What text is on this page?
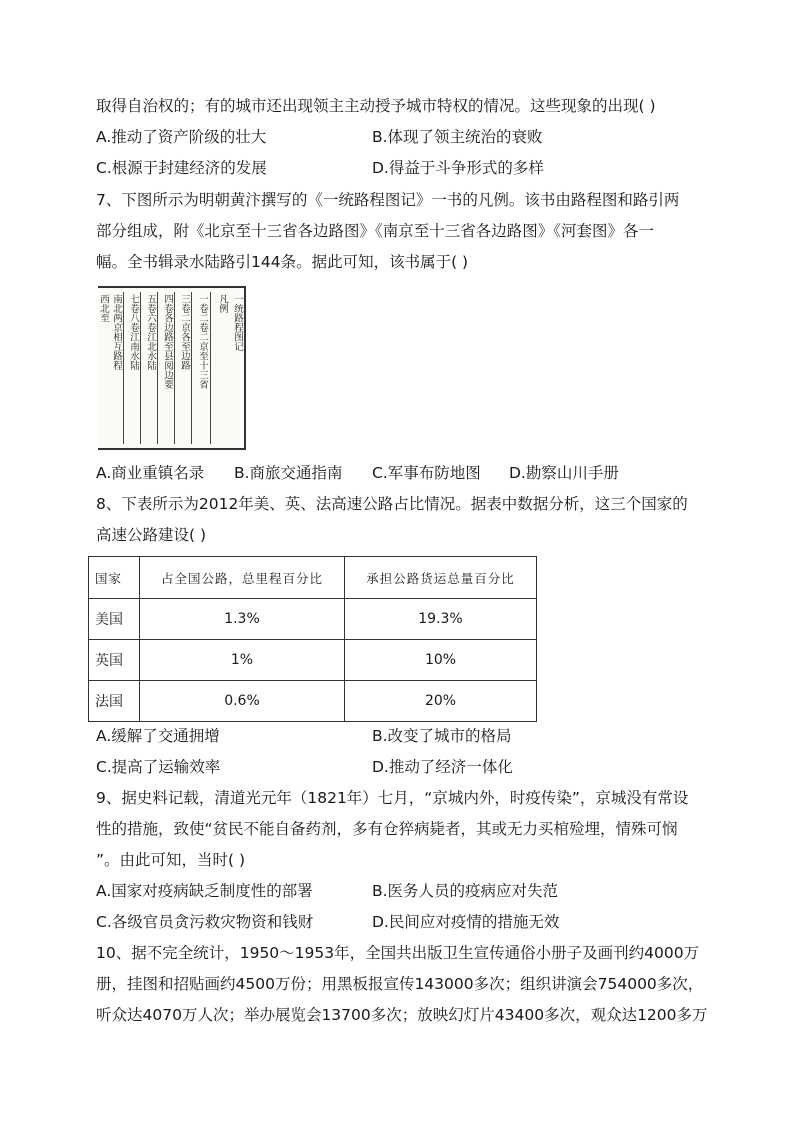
取得自治权的；有的城市还出现领主主动授予城市特权的情况。这些现象的出现( )
A.推动了资产阶级的壮大	B.体现了领主统治的衰败
C.根源于封建经济的发展	D.得益于斗争形式的多样
7、下图所示为明朝黄汴撰写的《一统路程图记》一书的凡例。该书由路程图和路引两
部分组成，附《北京至十三省各边路图》《南京至十三省各边路图》《河套图》各一
幅。全书辑录水陆路引144条。据此可知，该书属于( )
一统路程图记
凡例
一卷二卷二京至十三省
三卷二京各至边路
四卷各边路至县阅边要
五卷六卷江北水陆
七卷八卷江南水陆
南北两京相互路程
西北至
A.商业重镇名录 B.商旅交通指南 C.军事布防地图 D.勘察山川手册
8、下表所示为2012年美、英、法高速公路占比情况。据表中数据分析，这三个国家的
高速公路建设( )
国家	占全国公路，总里程百分比	承担公路货运总量百分比
美国	1.3%	19.3%
英国	1%	10%
法国	0.6%	20%
A.缓解了交通拥增	B.改变了城市的格局
C.提高了运输效率	D.推动了经济一体化
9、据史料记载，清道光元年（1821年）七月，“京城内外，时疫传染”，京城没有常设
性的措施，致使“贫民不能自备药剂，多有仓猝病毙者，其或无力买棺殓埋，情殊可悯
”。由此可知，当时( )
A.国家对疫病缺乏制度性的部署	B.医务人员的疫病应对失范
C.各级官员贪污救灾物资和钱财	D.民间应对疫情的措施无效
10、据不完全统计，1950～1953年，全国共出版卫生宣传通俗小册子及画刊约4000万
册，挂图和招贴画约4500万份；用黑板报宣传143000多次；组织讲演会754000多次，
听众达4070万人次；举办展览会13700多次；放映幻灯片43400多次，观众达1200多万
